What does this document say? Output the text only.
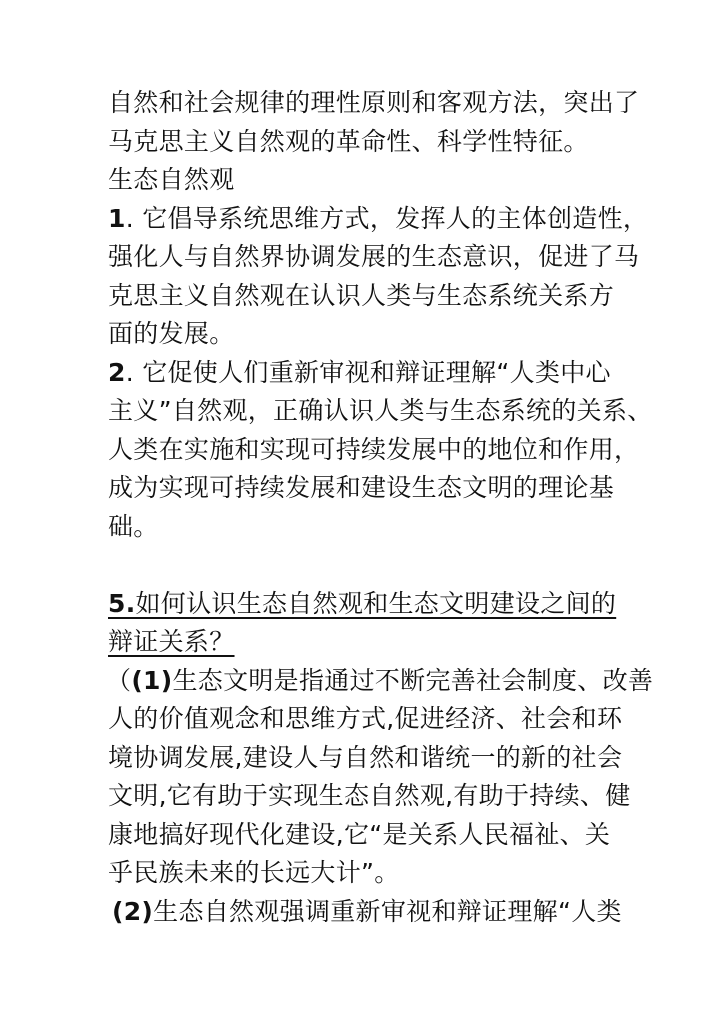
自然和社会规律的理性原则和客观方法，突出了
马克思主义自然观的革命性、科学性特征。
生态自然观
1. 它倡导系统思维方式，发挥人的主体创造性，
强化人与自然界协调发展的生态意识，促进了马
克思主义自然观在认识人类与生态系统关系方
面的发展。
2. 它促使人们重新审视和辩证理解“人类中心
主义”自然观，正确认识人类与生态系统的关系、
人类在实施和实现可持续发展中的地位和作用，
成为实现可持续发展和建设生态文明的理论基
础。
5.如何认识生态自然观和生态文明建设之间的
辩证关系？
（(1)生态文明是指通过不断完善社会制度、改善
人的价值观念和思维方式,促进经济、社会和环
境协调发展,建设人与自然和谐统一的新的社会
文明,它有助于实现生态自然观,有助于持续、健
康地搞好现代化建设,它“是关系人民福祉、关
乎民族未来的长远大计”。
(2)生态自然观强调重新审视和辩证理解“人类
